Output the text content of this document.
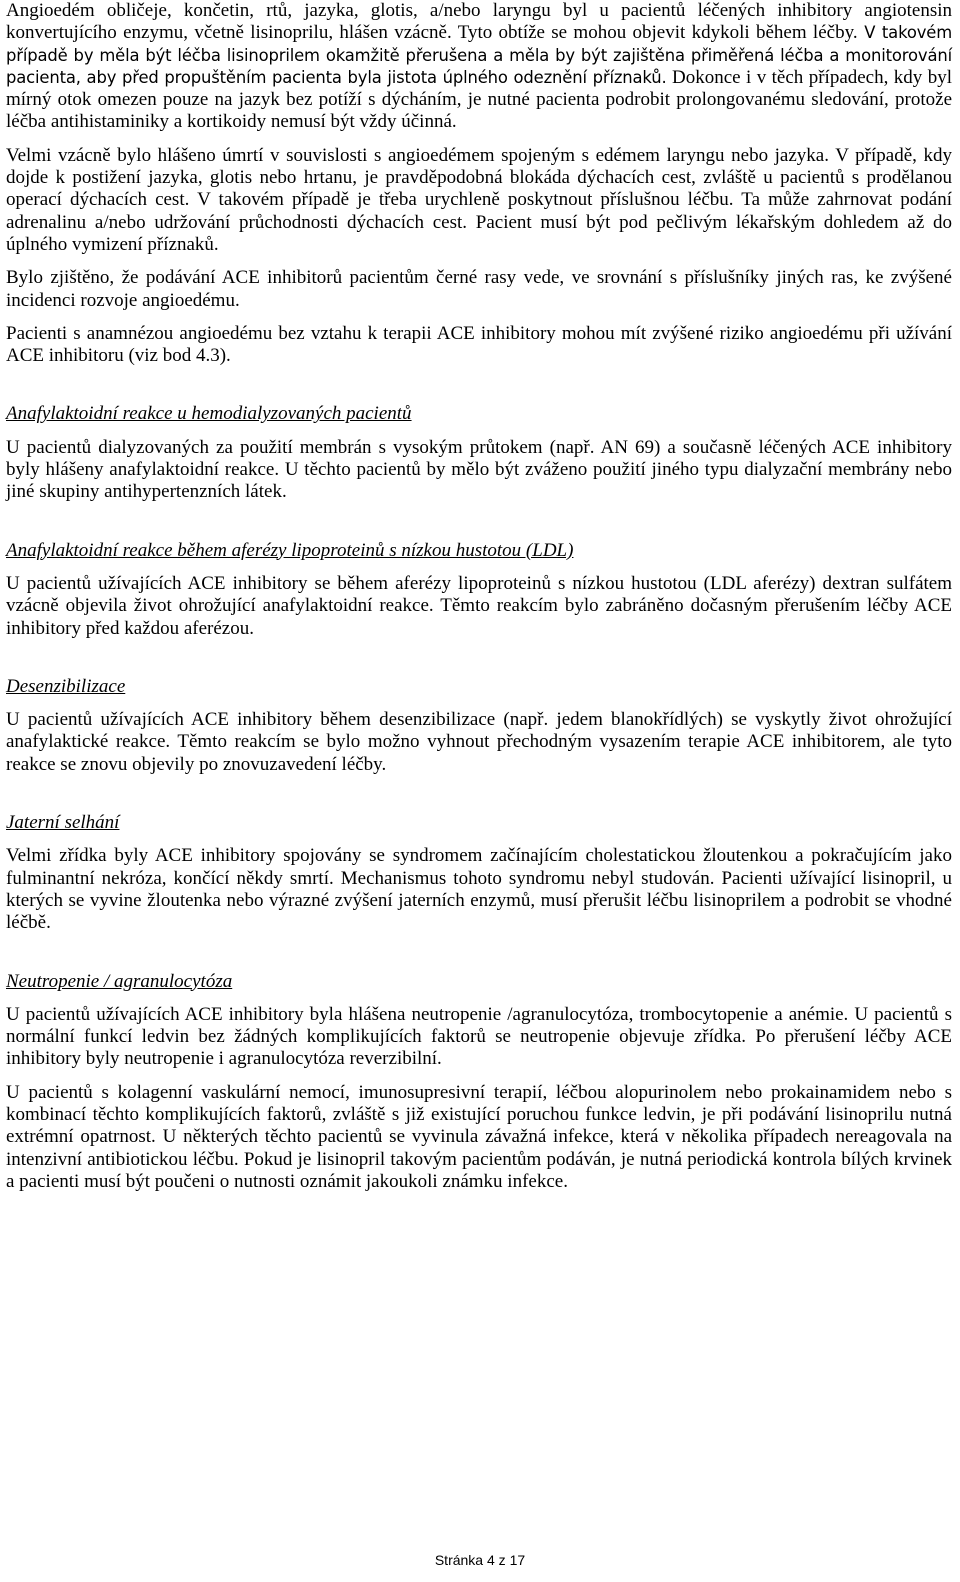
Angioedém obličeje, končetin, rtů, jazyka, glotis, a/nebo laryngu byl u pacientů léčených inhibitory angiotensin konvertujícího enzymu, včetně lisinoprilu, hlášen vzácně. Tyto obtíže se mohou objevit kdykoli během léčby. V takovém případě by měla být léčba lisinoprilem okamžitě přerušena a měla by být zajištěna přiměřená léčba a monitorování pacienta, aby před propuštěním pacienta byla jistota úplného odeznění příznaků. Dokonce i v těch případech, kdy byl mírný otok omezen pouze na jazyk bez potíží s dýcháním, je nutné pacienta podrobit prolongovanému sledování, protože léčba antihistaminiky a kortikoidy nemusí být vždy účinná.

Velmi vzácně bylo hlášeno úmrtí v souvislosti s angioedémem spojeným s edémem laryngu nebo jazyka. V případě, kdy dojde k postižení jazyka, glotis nebo hrtanu, je pravděpodobná blokáda dýchacích cest, zvláště u pacientů s prodělanou operací dýchacích cest. V takovém případě je třeba urychleně poskytnout příslušnou léčbu. Ta může zahrnovat podání adrenalinu a/nebo udržování průchodnosti dýchacích cest. Pacient musí být pod pečlivým lékařským dohledem až do úplného vymizení příznaků.

Bylo zjištěno, že podávání ACE inhibitorů pacientům černé rasy vede, ve srovnání s příslušníky jiných ras, ke zvýšené incidenci rozvoje angioedému.

Pacienti s anamnézou angioedému bez vztahu k terapii ACE inhibitory mohou mít zvýšené riziko angioedému při užívání ACE inhibitoru (viz bod 4.3).

Anafylaktoidní reakce u hemodialyzovaných pacientů

U pacientů dialyzovaných za použití membrán s vysokým průtokem (např. AN 69) a současně léčených ACE inhibitory byly hlášeny anafylaktoidní reakce. U těchto pacientů by mělo být zváženo použití jiného typu dialyzační membrány nebo jiné skupiny antihypertenzních látek.

Anafylaktoidní reakce během aferézy lipoproteinů s nízkou hustotou (LDL)

U pacientů užívajících ACE inhibitory se během aferézy lipoproteinů s nízkou hustotou (LDL aferézy) dextran sulfátem vzácně objevila život ohrožující anafylaktoidní reakce. Těmto reakcím bylo zabráněno dočasným přerušením léčby ACE inhibitory před každou aferézou.

Desenzibilizace

U pacientů užívajících ACE inhibitory během desenzibilizace (např. jedem blanokřídlých) se vyskytly život ohrožující anafylaktické reakce. Těmto reakcím se bylo možno vyhnout přechodným vysazením terapie ACE inhibitorem, ale tyto reakce se znovu objevily po znovuzavedení léčby.

Jaterní selhání

Velmi zřídka byly ACE inhibitory spojovány se syndromem začínajícím cholestatickou žloutenkou a pokračujícím jako fulminantní nekróza, končící někdy smrtí. Mechanismus tohoto syndromu nebyl studován. Pacienti užívající lisinopril, u kterých se vyvine žloutenka nebo výrazné zvýšení jaterních enzymů, musí přerušit léčbu lisinoprilem a podrobit se vhodné léčbě.

Neutropenie / agranulocytóza

U pacientů užívajících ACE inhibitory byla hlášena neutropenie /agranulocytóza, trombocytopenie a anémie. U pacientů s normální funkcí ledvin bez žádných komplikujících faktorů se neutropenie objevuje zřídka. Po přerušení léčby ACE inhibitory byly neutropenie i agranulocytóza reverzibilní.

U pacientů s kolagenní vaskulární nemocí, imunosupresivní terapií, léčbou alopurinolem nebo prokainamidem nebo s kombinací těchto komplikujících faktorů, zvláště s již existující poruchou funkce ledvin, je při podávání lisinoprilu nutná extrémní opatrnost. U některých těchto pacientů se vyvinula závažná infekce, která v několika případech nereagovala na intenzivní antibiotickou léčbu. Pokud je lisinopril takovým pacientům podáván, je nutná periodická kontrola bílých krvinek a pacienti musí být poučeni o nutnosti oznámit jakoukoli známku infekce.

Stránka 4 z 17
